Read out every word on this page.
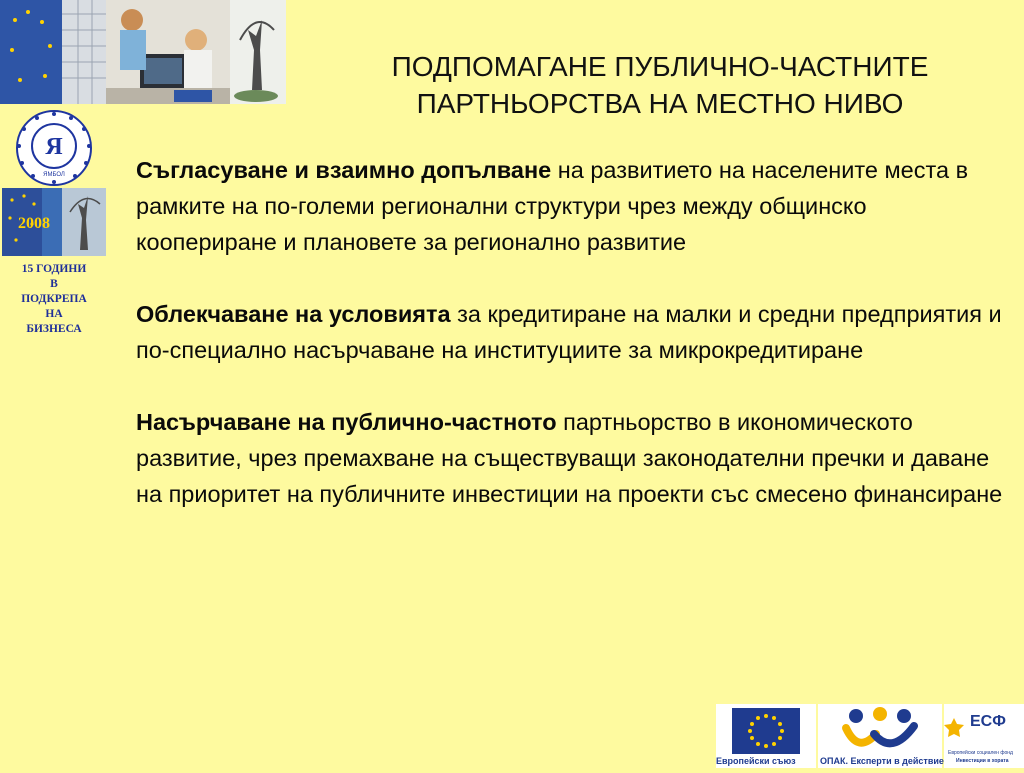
Я
ЯМБОЛ
2008
15 ГОДИНИ
В
ПОДКРЕПА
НА
БИЗНЕСА
ПОДПОМАГАНЕ ПУБЛИЧНО-ЧАСТНИТЕ
ПАРТНЬОРСТВА НА МЕСТНО НИВО

Съгласуване и взаимно допълване на развитието на населените места в рамките на по-големи регионални структури чрез между общинско коопериране и плановете за регионално развитие

Облекчаване на условията за кредитиране на малки и средни предприятия и по-специално насърчаване на институциите за микрокредитиране

Насърчаване на публично-частното партньорство в икономическото развитие, чрез премахване на съществуващи законодателни пречки и даване на приоритет на публичните инвестиции на проекти със смесено финансиране

Европейски съюз	ОПАК. Експерти в действие
ЕСФ
Европейски социален фонд
Инвестиции в хората
